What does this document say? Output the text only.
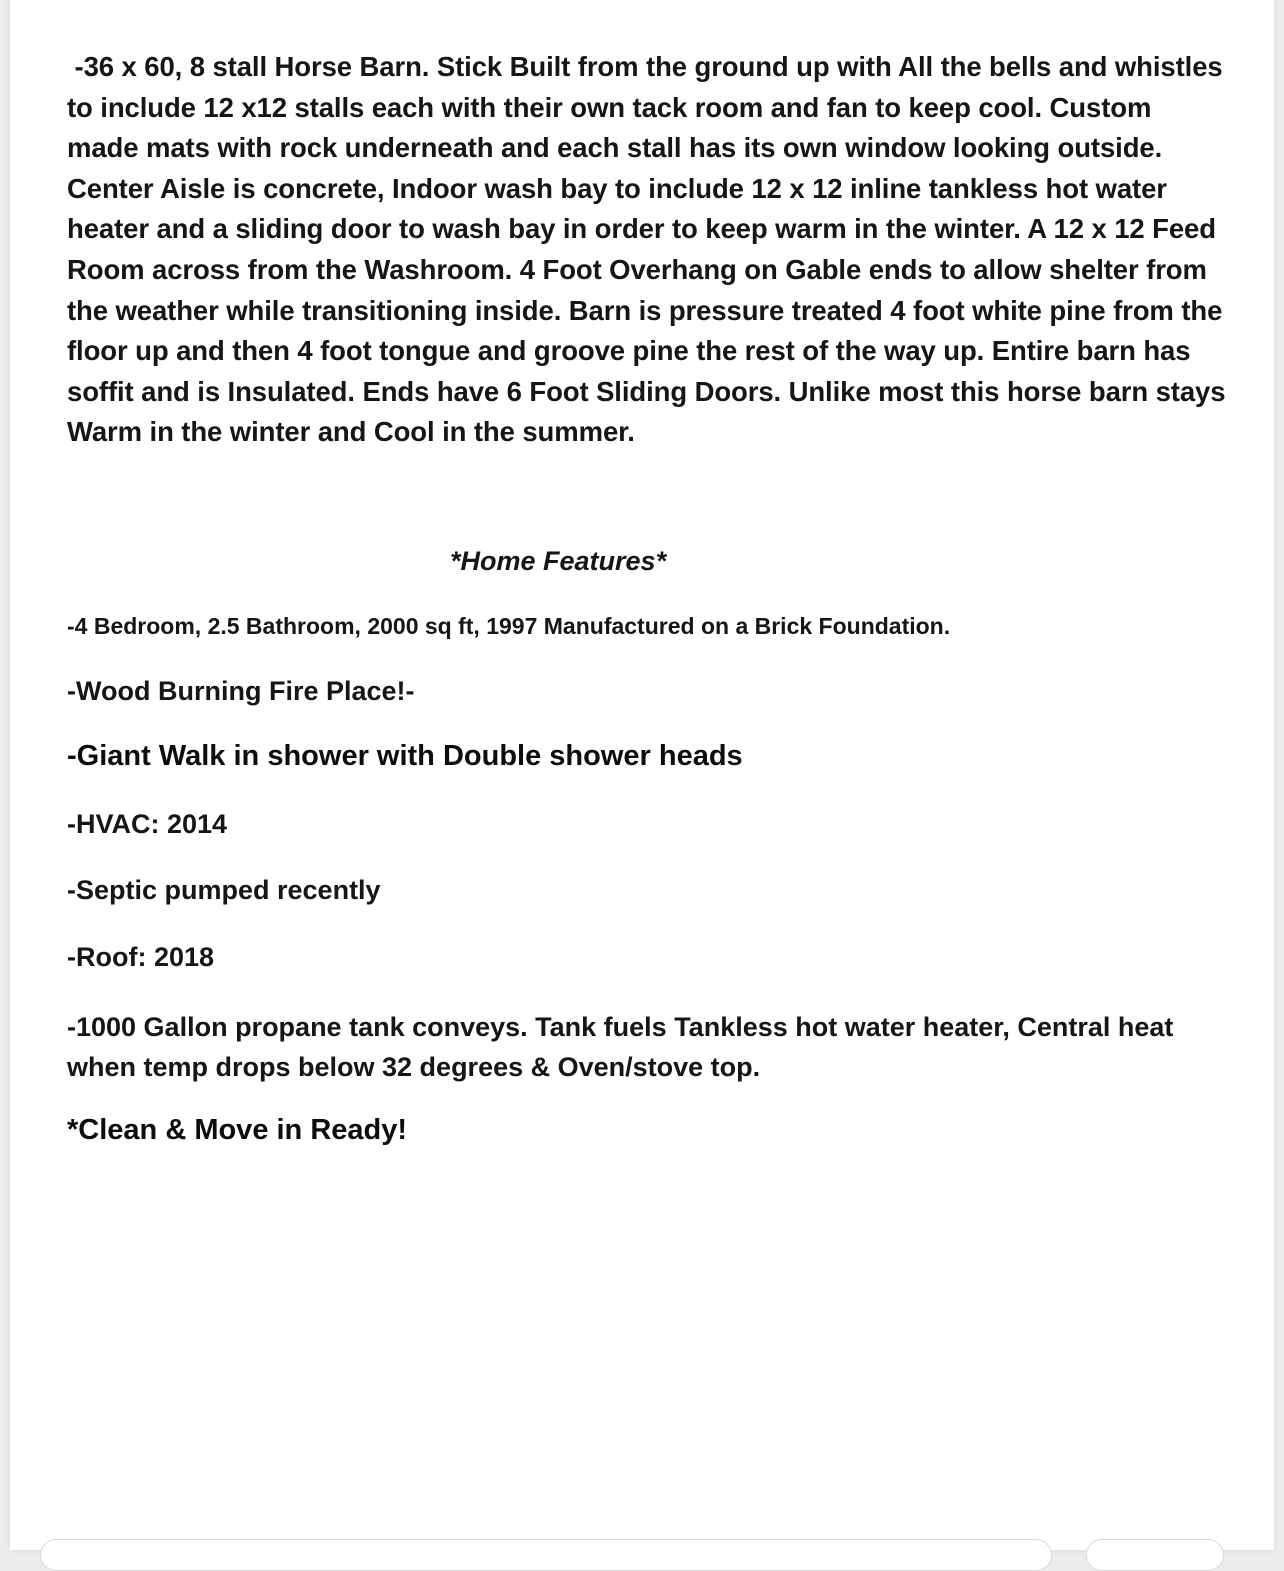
-36 x 60, 8 stall Horse Barn. Stick Built from the ground up with All the bells and whistles to include 12 x12 stalls each with their own tack room and fan to keep cool. Custom made mats with rock underneath and each stall has its own window looking outside.  Center Aisle is concrete, Indoor wash bay to include 12 x 12 inline tankless hot water heater and a sliding door to wash bay in order to keep warm in the winter. A 12 x 12 Feed Room across from the Washroom. 4 Foot Overhang on Gable ends to allow shelter from the weather while transitioning inside. Barn is pressure treated 4 foot white pine from the floor up and then 4 foot tongue and groove pine the rest of the way up. Entire barn has soffit and is Insulated. Ends have 6 Foot Sliding Doors. Unlike most this horse barn stays Warm in the winter and Cool in the summer.

*Home Features*

-4 Bedroom, 2.5 Bathroom, 2000 sq ft, 1997 Manufactured on a Brick Foundation.

-Wood Burning Fire Place!-

-Giant Walk in shower with Double shower heads

-HVAC: 2014

-Septic pumped recently

-Roof: 2018

-1000 Gallon propane tank conveys. Tank fuels Tankless hot water heater, Central heat when temp drops below 32 degrees & Oven/stove top.

*Clean & Move in Ready!
